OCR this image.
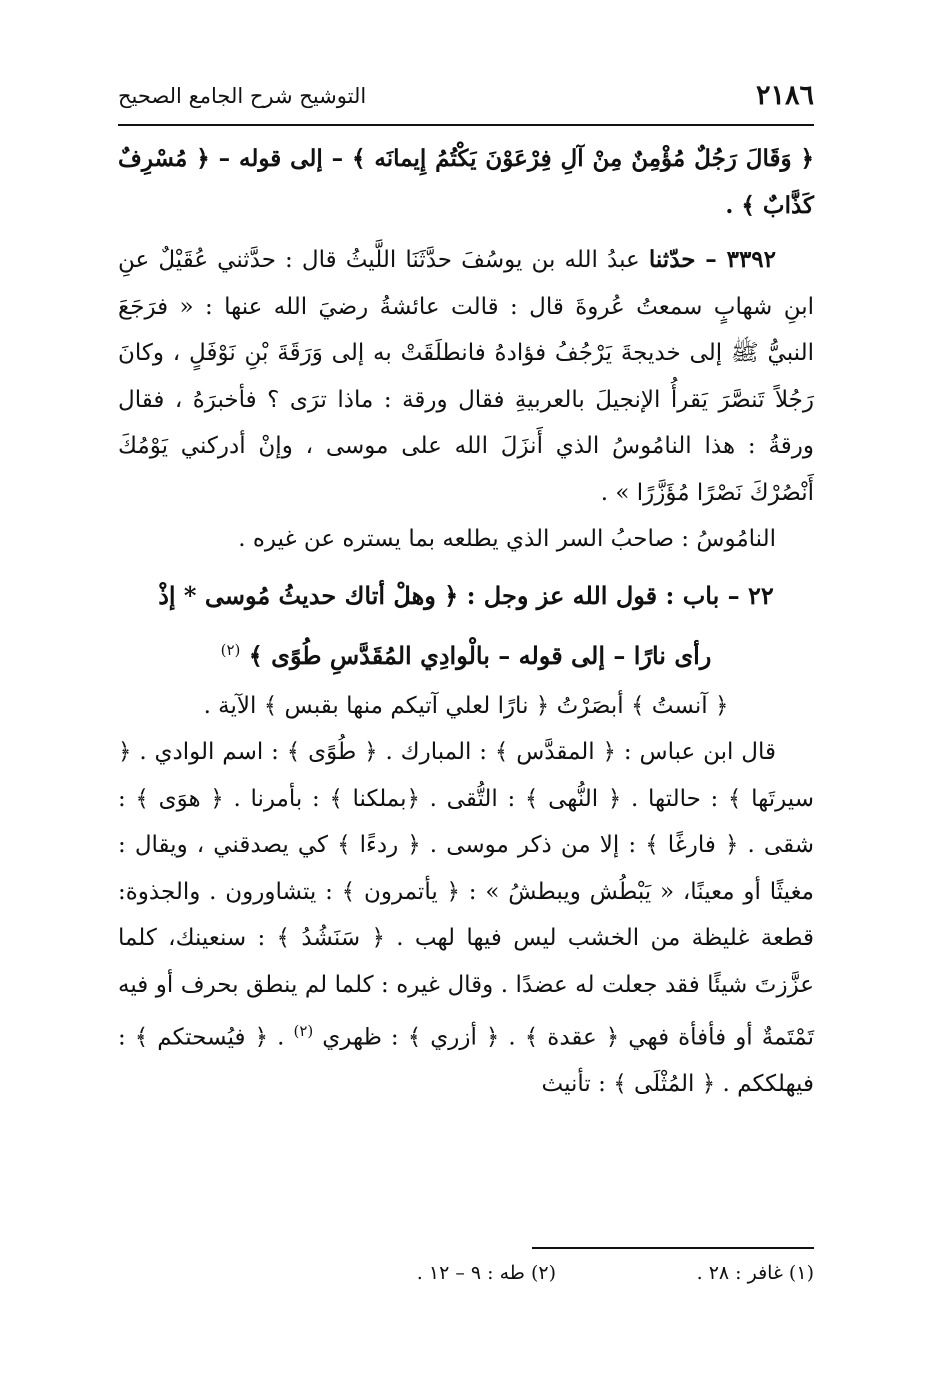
٢١٨٦
التوشيح شرح الجامع الصحيح

﴿ وَقَالَ رَجُلٌ مُؤْمِنٌ مِنْ آلِ فِرْعَوْنَ يَكْتُمُ إِيمانَه ﴾ – إلى قوله – ﴿ مُسْرِفٌ كَذَّابٌ ﴾ .

٣٣٩٢ – حدّثنا عبدُ الله بن يوسُفَ حدَّثَنَا اللَّيثُ قال : حدَّثني عُقَيْلٌ عنِ ابنِ شهابٍ سمعتُ عُروةَ قال : قالت عائشةُ رضيَ الله عنها : « فرَجَعَ النبيُّ ﷺ إلى خديجةَ يَرْجُفُ فؤادهُ فانطلَقَتْ به إلى وَرَقَةَ بْنِ نَوْفَلٍ ، وكانَ رَجُلاً تَنصَّرَ يَقرأُ الإنجيلَ بالعربيةِ فقال ورقة : ماذا ترَى ؟ فأخبرَهُ ، فقال ورقةُ : هذا النامُوسُ الذي أَنزَلَ الله على موسى ، وإنْ أدركني يَوْمُكَ أَنْصُرْكَ نَصْرًا مُؤَزَّرًا » .

النامُوسُ : صاحبُ السر الذي يطلعه بما يستره عن غيره .

٢٢ – باب : قول الله عز وجل : ﴿ وهلْ أتاك حديثُ مُوسى * إذْ
رأى نارًا – إلى قوله – بالْوادِي المُقَدَّسِ طُوًى ﴾ $^{(٢)}$

﴿ آنستُ ﴾ أبصَرْتُ ﴿ نارًا لعلي آتيكم منها بقبس ﴾ الآية .

قال ابن عباس : ﴿ المقدَّس ﴾ : المبارك . ﴿ طُوًى ﴾ : اسم الوادي . ﴿ سيرتَها ﴾ : حالتها . ﴿ النُّهى ﴾ : التُّقى . ﴿بملكنا ﴾ : بأمرنا . ﴿ هوَى ﴾ : شقى . ﴿ فارغًا ﴾ : إلا من ذكر موسى . ﴿ ردءًا ﴾ كي يصدقني ، ويقال : مغيثًا أو معينًا، « يَبْطُش ويبطشُ » : ﴿ يأتمرون ﴾ : يتشاورون . والجذوة: قطعة غليظة من الخشب ليس فيها لهب . ﴿ سَنَشُدُ ﴾ : سنعينك، كلما عزَّزتَ شيئًا فقد جعلت له عضدًا . وقال غيره : كلما لم ينطق بحرف أو فيه تَمْتَمةٌ أو فأفأة فهي ﴿ عقدة ﴾ . ﴿ أزري ﴾ : ظهري $^{(٢)}$ . ﴿ فيُسحتكم ﴾ : فيهلككم . ﴿ المُثْلَى ﴾ : تأنيث

(١) غافر : ٢٨ .
(٢) طه : ٩ – ١٢ .
